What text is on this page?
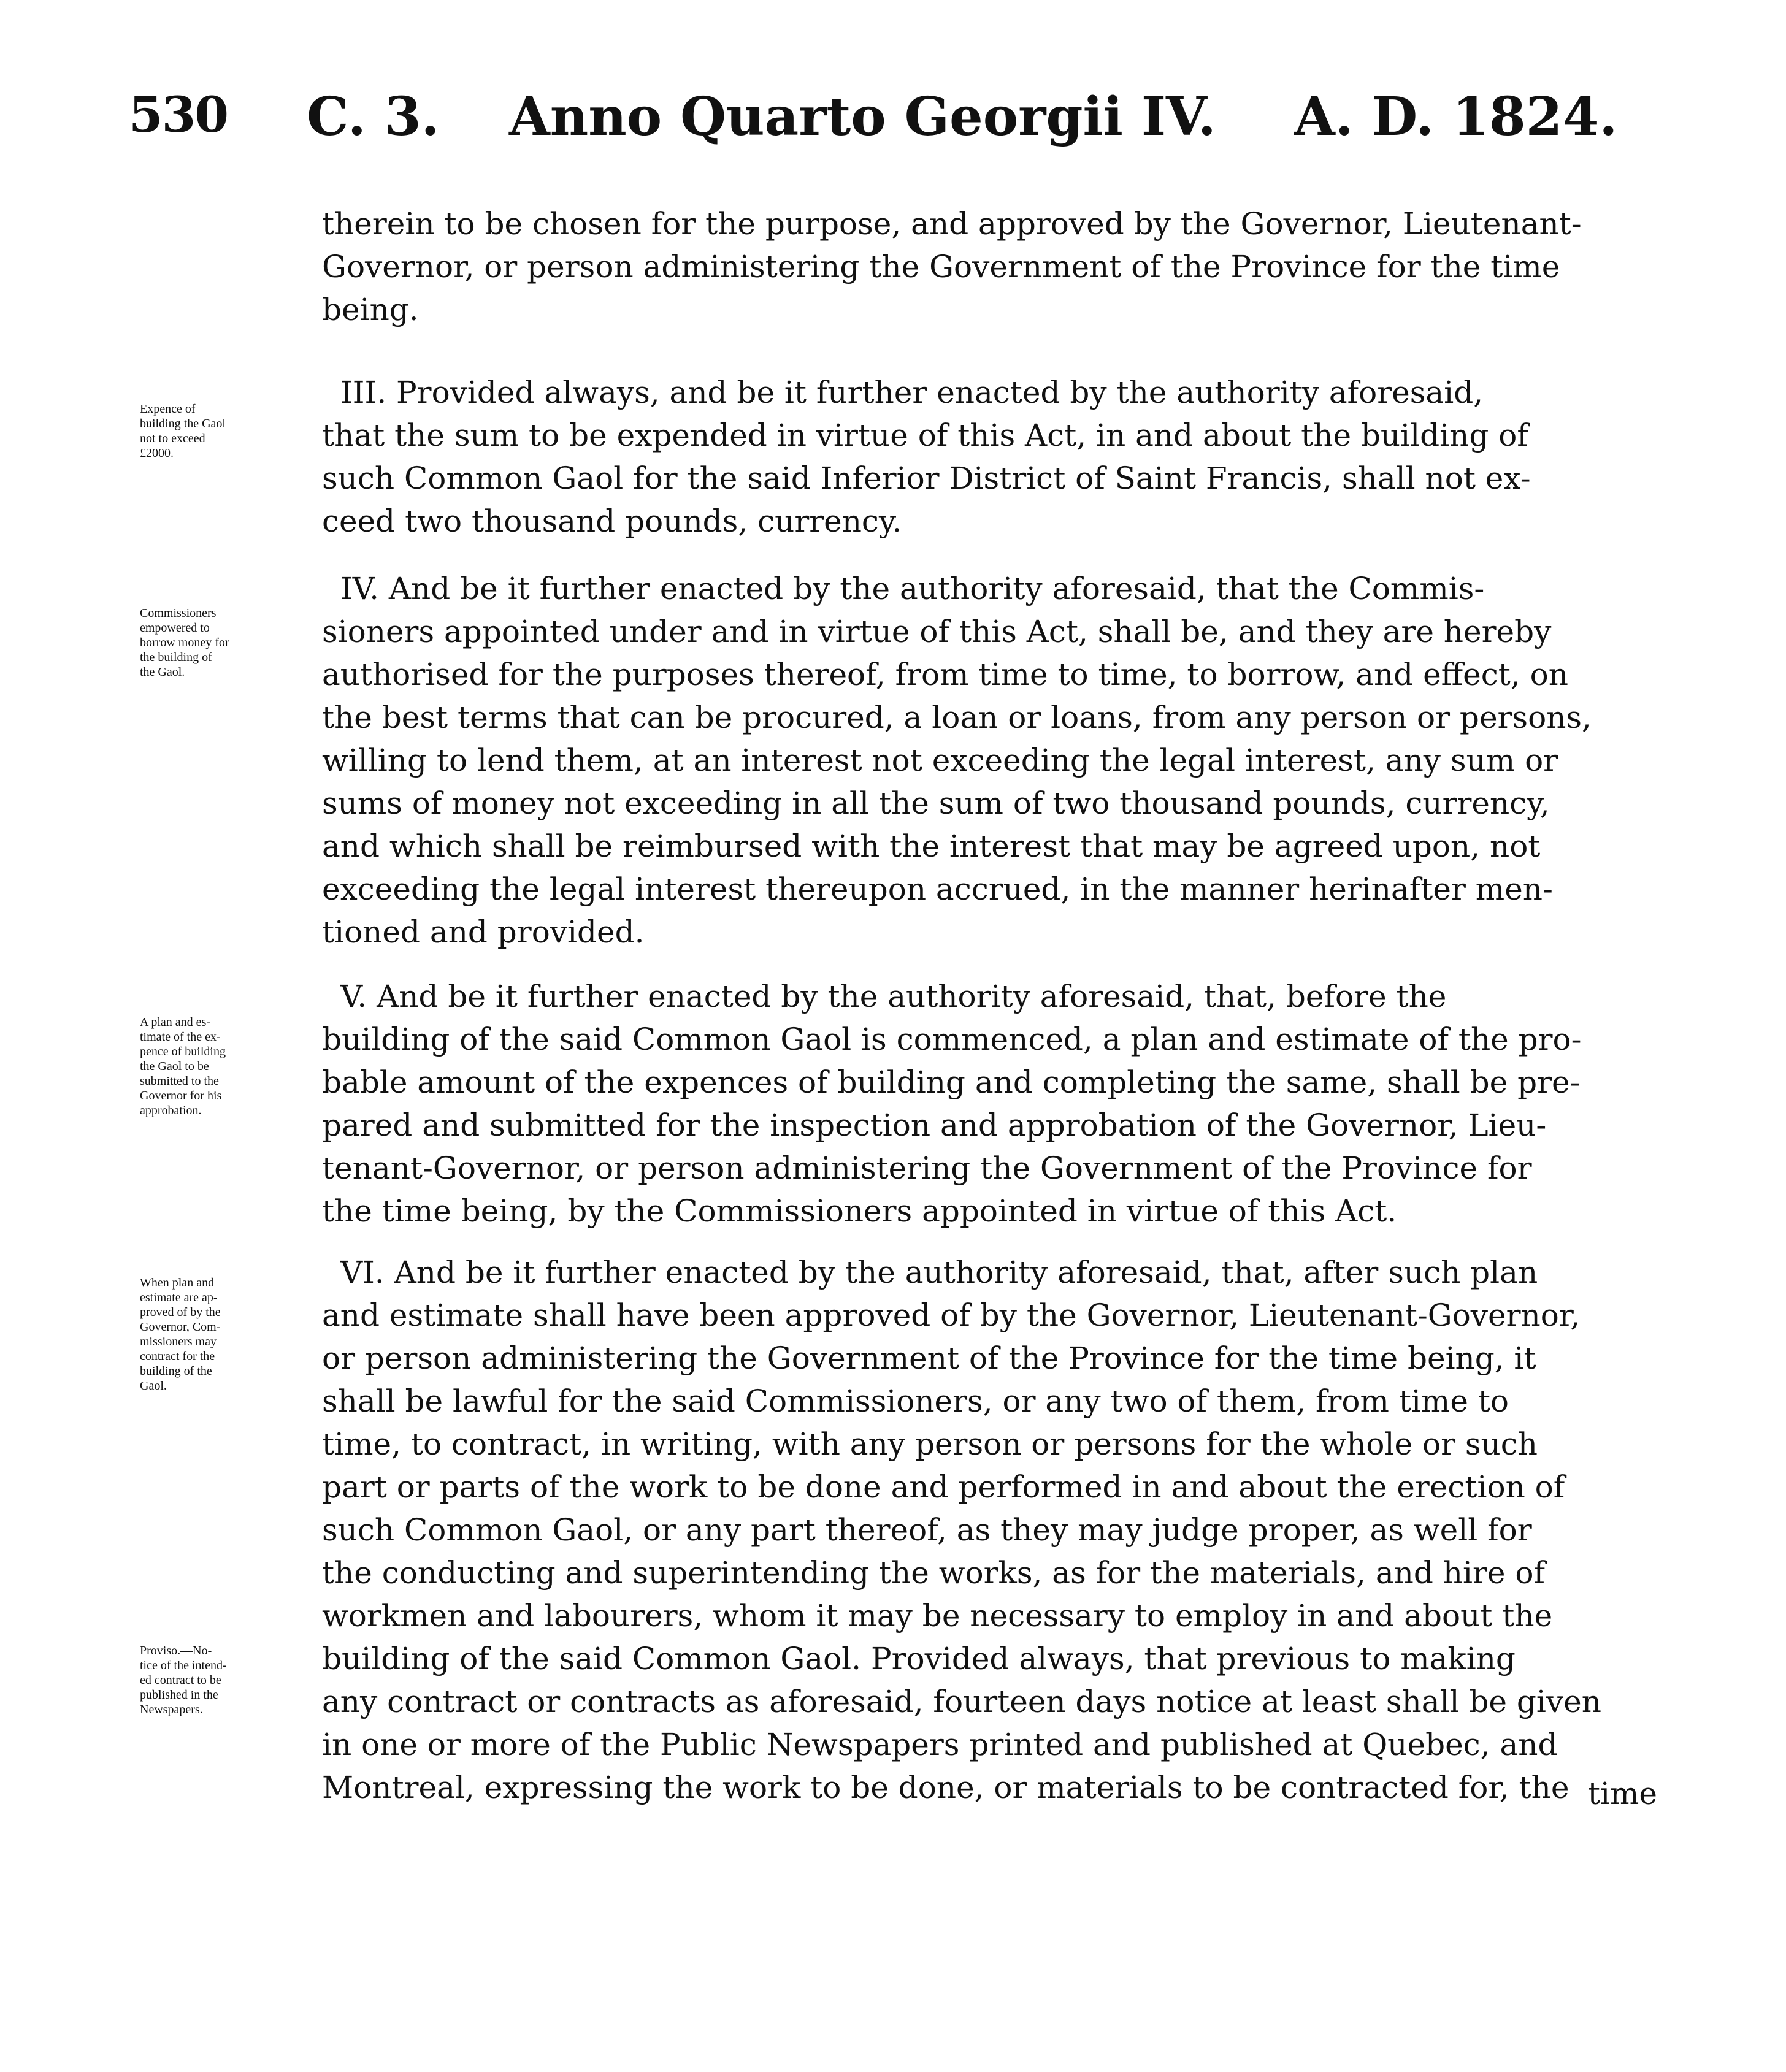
530 C. 3. Anno Quarto Georgii IV. A. D. 1824.
therein to be chosen for the purpose, and approved by the Governor, Lieutenant-
Governor, or person administering the Government of the Province for the time
being.
Expence of
building the Gaol
not to exceed
£2000.
III. Provided always, and be it further enacted by the authority aforesaid,
that the sum to be expended in virtue of this Act, in and about the building of
such Common Gaol for the said Inferior District of Saint Francis, shall not ex-
ceed two thousand pounds, currency.
Commissioners
empowered to
borrow money for
the building of
the Gaol.
IV. And be it further enacted by the authority aforesaid, that the Commis-
sioners appointed under and in virtue of this Act, shall be, and they are hereby
authorised for the purposes thereof, from time to time, to borrow, and effect, on
the best terms that can be procured, a loan or loans, from any person or persons,
willing to lend them, at an interest not exceeding the legal interest, any sum or
sums of money not exceeding in all the sum of two thousand pounds, currency,
and which shall be reimbursed with the interest that may be agreed upon, not
exceeding the legal interest thereupon accrued, in the manner herinafter men-
tioned and provided.
A plan and es-
timate of the ex-
pence of building
the Gaol to be
submitted to the
Governor for his
approbation.
V. And be it further enacted by the authority aforesaid, that, before the
building of the said Common Gaol is commenced, a plan and estimate of the pro-
bable amount of the expences of building and completing the same, shall be pre-
pared and submitted for the inspection and approbation of the Governor, Lieu-
tenant-Governor, or person administering the Government of the Province for
the time being, by the Commissioners appointed in virtue of this Act.
When plan and
estimate are ap-
proved of by the
Governor, Com-
missioners may
contract for the
building of the
Gaol.
Proviso.—No-
tice of the intend-
ed contract to be
published in the
Newspapers.
VI. And be it further enacted by the authority aforesaid, that, after such plan
and estimate shall have been approved of by the Governor, Lieutenant-Governor,
or person administering the Government of the Province for the time being, it
shall be lawful for the said Commissioners, or any two of them, from time to
time, to contract, in writing, with any person or persons for the whole or such
part or parts of the work to be done and performed in and about the erection of
such Common Gaol, or any part thereof, as they may judge proper, as well for
the conducting and superintending the works, as for the materials, and hire of
workmen and labourers, whom it may be necessary to employ in and about the
building of the said Common Gaol. Provided always, that previous to making
any contract or contracts as aforesaid, fourteen days notice at least shall be given
in one or more of the Public Newspapers printed and published at Quebec, and
Montreal, expressing the work to be done, or materials to be contracted for, the time
